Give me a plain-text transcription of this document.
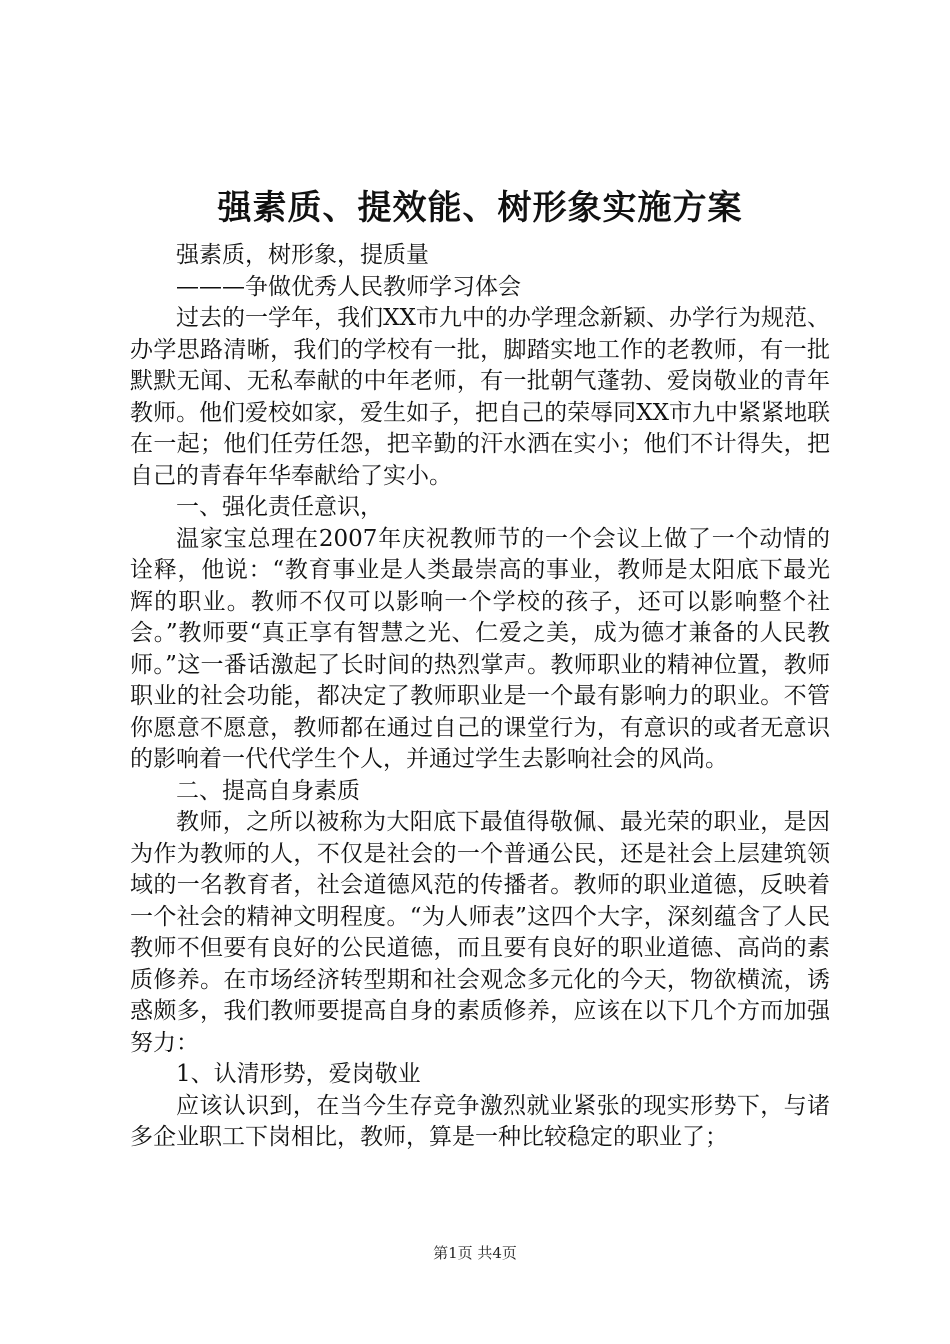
强素质、提效能、树形象实施方案

强素质，树形象，提质量

———争做优秀人民教师学习体会

过去的一学年，我们XX市九中的办学理念新颖、办学行为规范、办学思路清晰，我们的学校有一批，脚踏实地工作的老教师，有一批默默无闻、无私奉献的中年老师，有一批朝气蓬勃、爱岗敬业的青年教师。他们爱校如家，爱生如子，把自己的荣辱同XX市九中紧紧地联在一起；他们任劳任怨，把辛勤的汗水洒在实小；他们不计得失，把自己的青春年华奉献给了实小。

一、强化责任意识，

温家宝总理在2007年庆祝教师节的一个会议上做了一个动情的诠释，他说：“教育事业是人类最崇高的事业，教师是太阳底下最光辉的职业。教师不仅可以影响一个学校的孩子，还可以影响整个社会。”教师要“真正享有智慧之光、仁爱之美，成为德才兼备的人民教师。”这一番话激起了长时间的热烈掌声。教师职业的精神位置，教师职业的社会功能，都决定了教师职业是一个最有影响力的职业。不管你愿意不愿意，教师都在通过自己的课堂行为，有意识的或者无意识的影响着一代代学生个人，并通过学生去影响社会的风尚。

二、提高自身素质

教师，之所以被称为大阳底下最值得敬佩、最光荣的职业，是因为作为教师的人，不仅是社会的一个普通公民，还是社会上层建筑领域的一名教育者，社会道德风范的传播者。教师的职业道德，反映着一个社会的精神文明程度。“为人师表”这四个大字，深刻蕴含了人民教师不但要有良好的公民道德，而且要有良好的职业道德、高尚的素质修养。在市场经济转型期和社会观念多元化的今天，物欲横流，诱惑颇多，我们教师要提高自身的素质修养，应该在以下几个方而加强努力：

1、认清形势，爱岗敬业

应该认识到，在当今生存竞争激烈就业紧张的现实形势下，与诸多企业职工下岗相比，教师，算是一种比较稳定的职业了；

第1页 共4页
